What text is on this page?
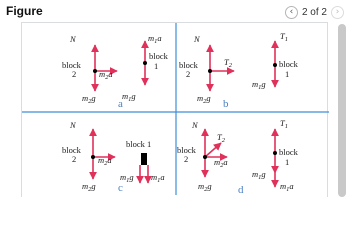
Figure	‹ 2 of 2 ›
N
block
2	$m_2a$
$m_2g$
$m_1a$
block
1
$m_1g$
a
N
block
2
$T_2$
$m_2g$
$T_1$
block
1
$m_1g$
b
N
block
2	$m_2a$
$m_2g$
block 1
$m_1g$ $m_1a$
c
N
block
2
$T_2$
$m_2a$
$m_2g$
$T_1$
block
1
$m_1g$
$m_1a$
d
